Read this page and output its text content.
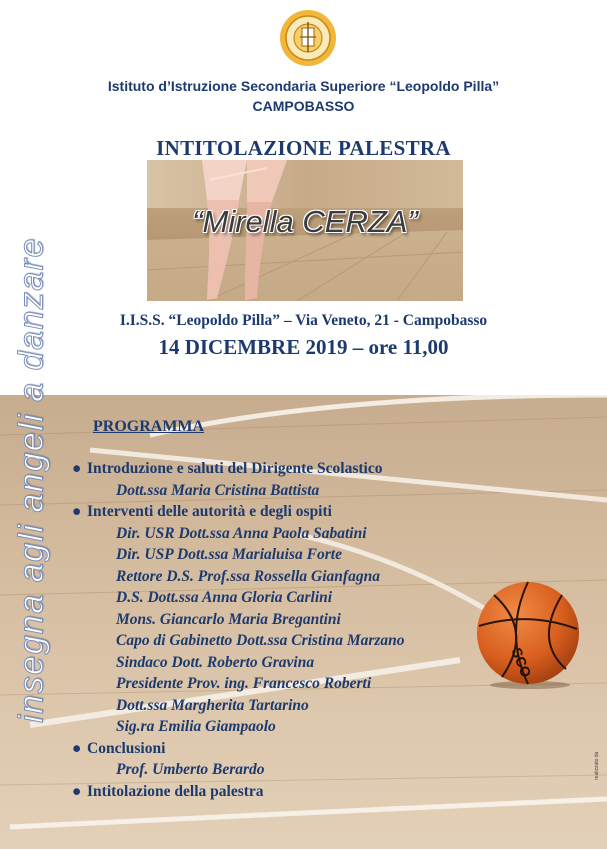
Istituto d’Istruzione Secondaria Superiore “Leopoldo Pilla”
CAMPOBASSO
INTITOLAZIONE PALESTRA
“Mirella CERZA”
I.I.S.S. “Leopoldo Pilla” – Via Veneto, 21 - Campobasso
14 DICEMBRE 2019 – ore 11,00
insegna agli angeli a danzare	PROGRAMMA
● Introduzione e saluti del Dirigente Scolastico
Dott.ssa Maria Cristina Battista
● Interventi delle autorità e degli ospiti
Dir. USR Dott.ssa Anna Paola Sabatini
Dir. USP Dott.ssa Marialuisa Forte
Rettore D.S. Prof.ssa Rossella Gianfagna
D.S. Dott.ssa Anna Gloria Carlini
Mons. Giancarlo Maria Bregantini
Capo di Gabinetto Dott.ssa Cristina Marzano
Sindaco Dott. Roberto Gravina
Presidente Prov. ing. Francesco Roberti
Dott.ssa Margherita Tartarino
Sig.ra Emilia Giampaolo
● Conclusioni
Prof. Umberto Berardo
● Intitolazione della palestra
SCO
realizzato da
